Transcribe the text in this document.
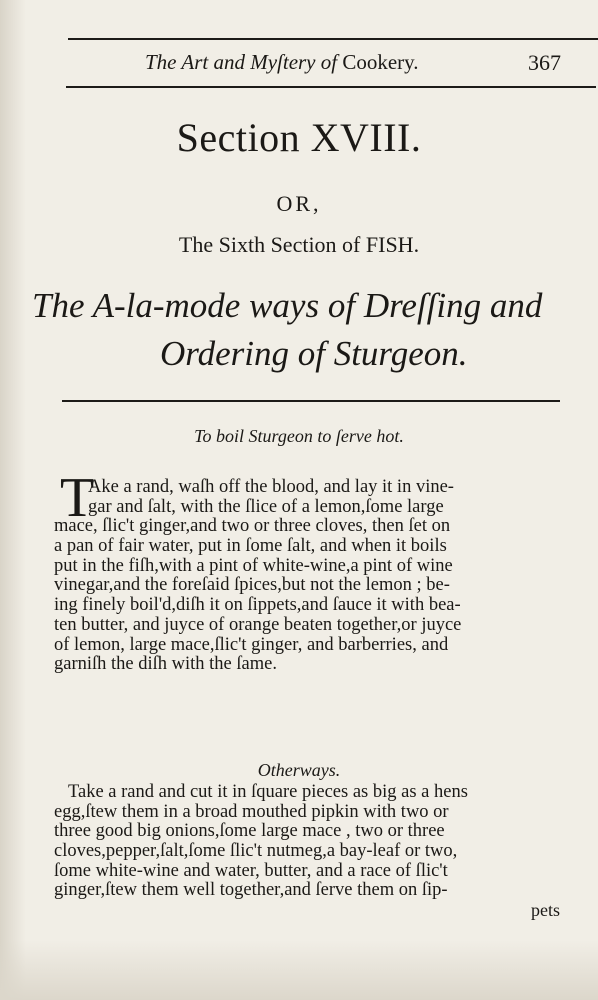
The Art and Myſtery of Cookery.	367
Section XVIII.
OR,
The Sixth Section of FISH.
The A-la-mode ways of Dreſſing and
Ordering of Sturgeon.
To boil Sturgeon to ſerve hot.
T
Ake a rand, waſh off the blood, and lay it in vine-
gar and ſalt, with the ſlice of a lemon,ſome large
mace, ſlic't ginger,and two or three cloves, then ſet on
a pan of fair water, put in ſome ſalt, and when it boils
put in the fiſh,with a pint of white-wine,a pint of wine
vinegar,and the foreſaid ſpices,but not the lemon ; be-
ing finely boil'd,diſh it on ſippets,and ſauce it with bea-
ten butter, and juyce of orange beaten together,or juyce
of lemon, large mace,ſlic't ginger, and barberries, and
garniſh the diſh with the ſame.
Otherways.
Take a rand and cut it in ſquare pieces as big as a hens
egg,ſtew them in a broad mouthed pipkin with two or
three good big onions,ſome large mace , two or three
cloves,pepper,ſalt,ſome ſlic't nutmeg,a bay-leaf or two,
ſome white-wine and water, butter, and a race of ſlic't
ginger,ſtew them well together,and ſerve them on ſip-
pets
